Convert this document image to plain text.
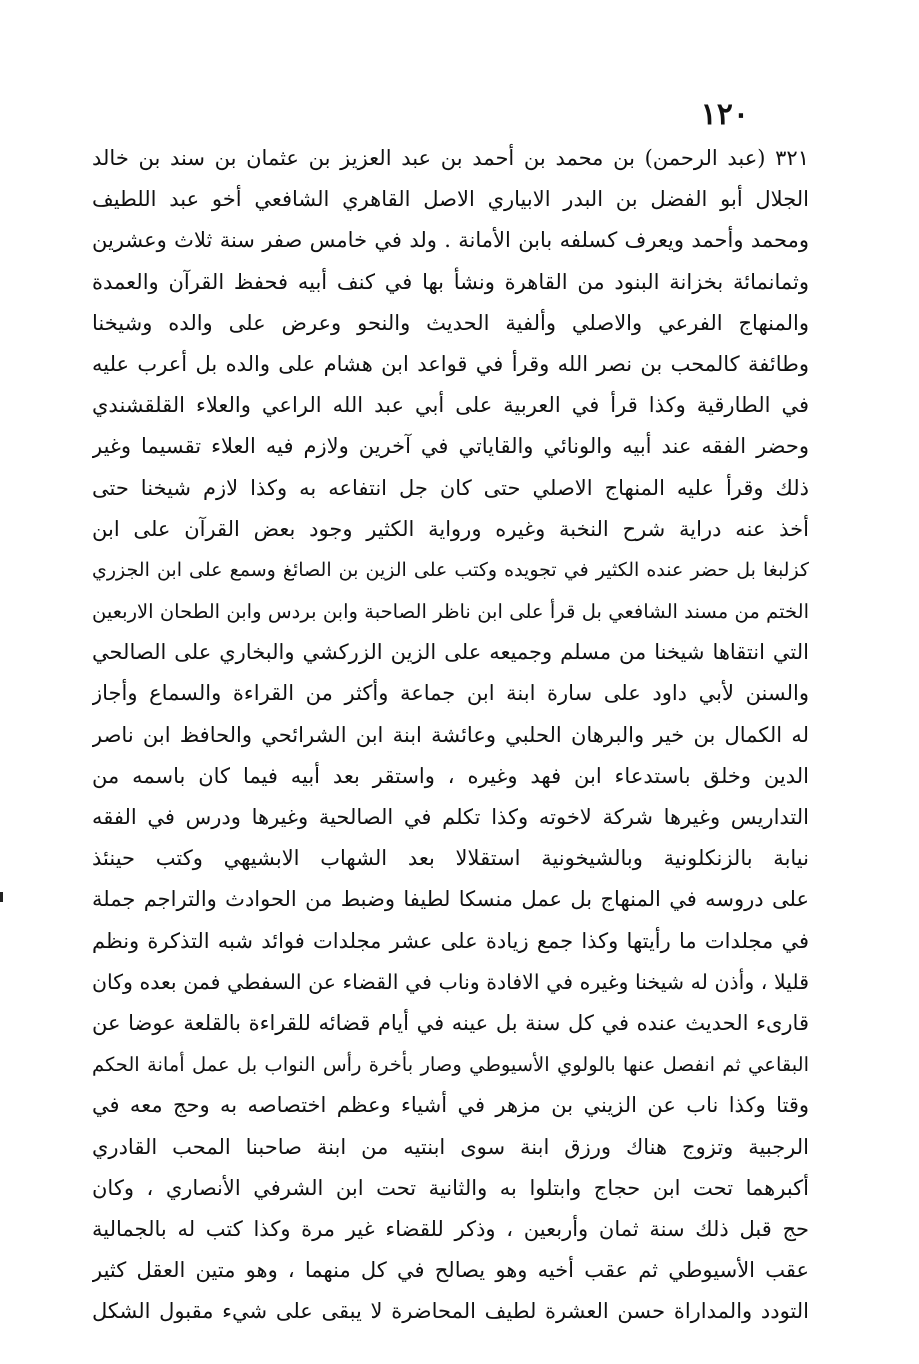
١٢٠
٣٢١ (عبد الرحمن) بن محمد بن أحمد بن عبد العزيز بن عثمان بن سند بن خالد
الجلال أبو الفضل بن البدر الابياري الاصل القاهري الشافعي أخو عبد اللطيف
ومحمد وأحمد ويعرف كسلفه بابن الأمانة . ولد في خامس صفر سنة ثلاث وعشرين
وثمانمائة بخزانة البنود من القاهرة ونشأ بها في كنف أبيه فحفظ القرآن والعمدة
والمنهاج الفرعي والاصلي وألفية الحديث والنحو وعرض على والده وشيخنا
وطائفة كالمحب بن نصر الله وقرأ في قواعد ابن هشام على والده بل أعرب عليه
في الطارقية وكذا قرأ في العربية على أبي عبد الله الراعي والعلاء القلقشندي
وحضر الفقه عند أبيه والونائي والقاياتي في آخرين ولازم فيه العلاء تقسيما وغير
ذلك وقرأ عليه المنهاج الاصلي حتى كان جل انتفاعه به وكذا لازم شيخنا حتى
أخذ عنه دراية شرح النخبة وغيره ورواية الكثير وجود بعض القرآن على ابن
كزلبغا بل حضر عنده الكثير في تجويده وكتب على الزين بن الصائغ وسمع على ابن الجزري
الختم من مسند الشافعي بل قرأ على ابن ناظر الصاحبة وابن بردس وابن الطحان الاربعين
التي انتقاها شيخنا من مسلم وجميعه على الزين الزركشي والبخاري على الصالحي
والسنن لأبي داود على سارة ابنة ابن جماعة وأكثر من القراءة والسماع وأجاز
له الكمال بن خير والبرهان الحلبي وعائشة ابنة ابن الشرائحي والحافظ ابن ناصر
الدين وخلق باستدعاء ابن فهد وغيره ، واستقر بعد أبيه فيما كان باسمه من
التداريس وغيرها شركة لاخوته وكذا تكلم في الصالحية وغيرها ودرس في الفقه
نيابة بالزنكلونية وبالشيخونية استقلالا بعد الشهاب الابشيهي وكتب حينئذ
على دروسه في المنهاج بل عمل منسكا لطيفا وضبط من الحوادث والتراجم جملة
في مجلدات ما رأيتها وكذا جمع زيادة على عشر مجلدات فوائد شبه التذكرة ونظم
قليلا ، وأذن له شيخنا وغيره في الافادة وناب في القضاء عن السفطي فمن بعده وكان
قارىء الحديث عنده في كل سنة بل عينه في أيام قضائه للقراءة بالقلعة عوضا عن
البقاعي ثم انفصل عنها بالولوي الأسيوطي وصار بأخرة رأس النواب بل عمل أمانة الحكم
وقتا وكذا ناب عن الزيني بن مزهر في أشياء وعظم اختصاصه به وحج معه في
الرجبية وتزوج هناك ورزق ابنة سوى ابنتيه من ابنة صاحبنا المحب القادري
أكبرهما تحت ابن حجاج وابتلوا به والثانية تحت ابن الشرفي الأنصاري ، وكان
حج قبل ذلك سنة ثمان وأربعين ، وذكر للقضاء غير مرة وكذا كتب له بالجمالية
عقب الأسيوطي ثم عقب أخيه وهو يصالح في كل منهما ، وهو متين العقل كثير
التودد والمداراة حسن العشرة لطيف المحاضرة لا يبقى على شيء مقبول الشكل
